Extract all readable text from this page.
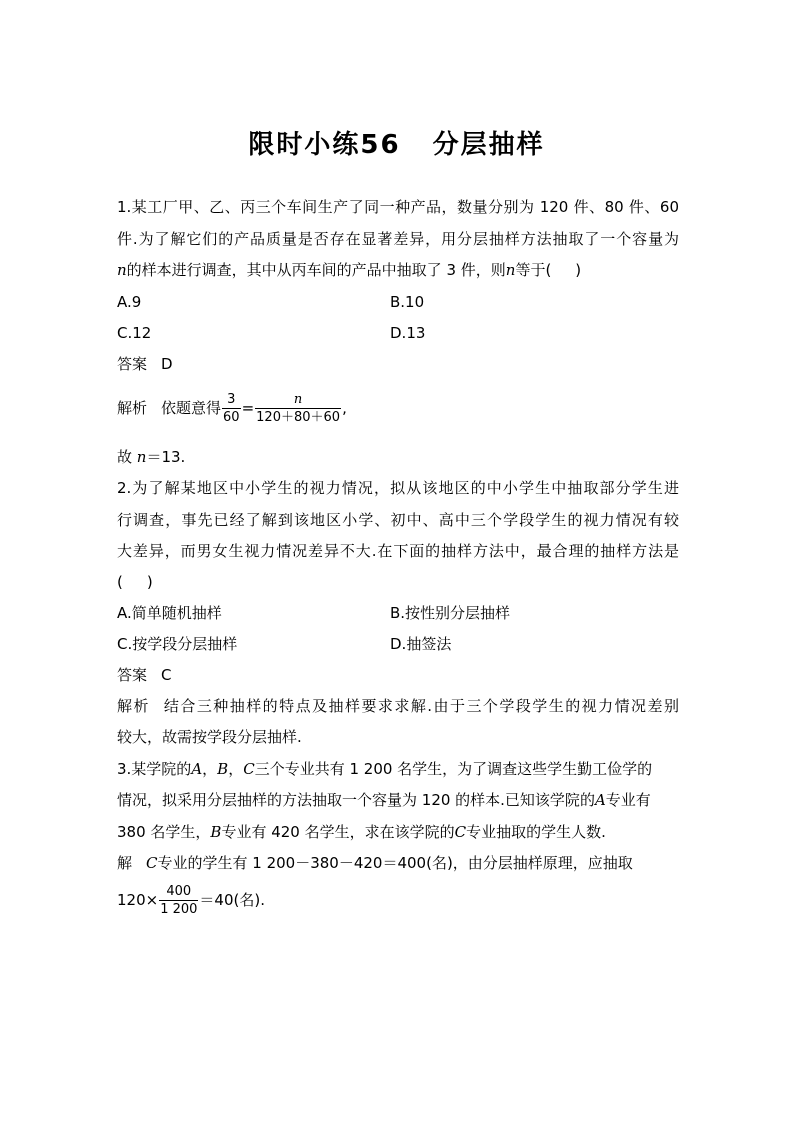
限时小练56 分层抽样
1.某工厂甲、乙、丙三个车间生产了同一种产品，数量分别为 120 件、80 件、60
件.为了解它们的产品质量是否存在显著差异，用分层抽样方法抽取了一个容量为
n的样本进行调查，其中从丙车间的产品中抽取了 3 件，则n等于( )
A.9	B.10
C.12	D.13
答案 D
解析 依题意得 $\frac{3}{60} = \frac{n}{120+80+60}$ ,
故 n＝13.
2.为了解某地区中小学生的视力情况，拟从该地区的中小学生中抽取部分学生进
行调查，事先已经了解到该地区小学、初中、高中三个学段学生的视力情况有较
大差异，而男女生视力情况差异不大.在下面的抽样方法中，最合理的抽样方法是
( )
A.简单随机抽样	B.按性别分层抽样
C.按学段分层抽样	D.抽签法
答案 C
解析 结合三种抽样的特点及抽样要求求解.由于三个学段学生的视力情况差别
较大，故需按学段分层抽样.
3.某学院的A，B，C三个专业共有 1 200 名学生，为了调查这些学生勤工俭学的
情况，拟采用分层抽样的方法抽取一个容量为 120 的样本.已知该学院的A专业有
380 名学生，B专业有 420 名学生，求在该学院的C专业抽取的学生人数.
解 C专业的学生有 1 200－380－420＝400(名)，由分层抽样原理，应抽取
$120\times \frac{400}{1 200} =40$(名).
